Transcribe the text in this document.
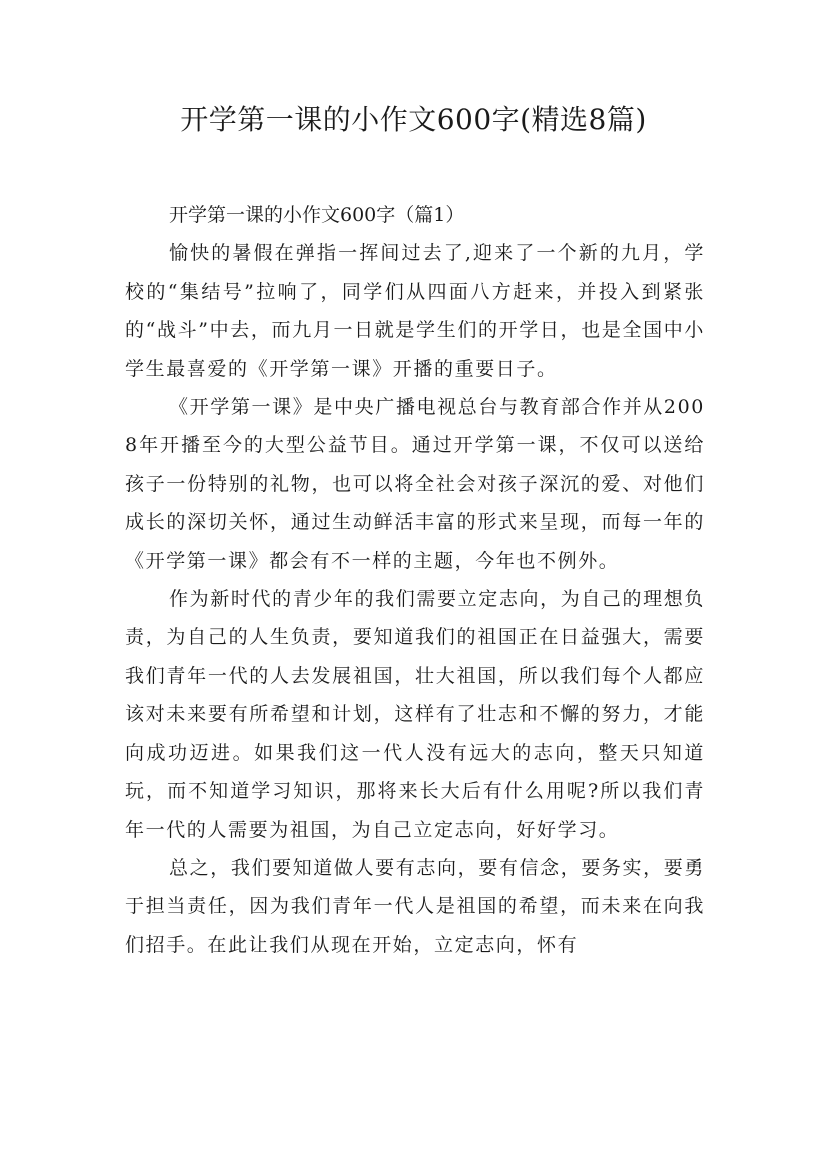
开学第一课的小作文600字(精选8篇)

开学第一课的小作文600字（篇1）

愉快的暑假在弹指一挥间过去了,迎来了一个新的九月，学校的“集结号”拉响了，同学们从四面八方赶来，并投入到紧张的“战斗”中去，而九月一日就是学生们的开学日，也是全国中小学生最喜爱的《开学第一课》开播的重要日子。

《开学第一课》是中央广播电视总台与教育部合作并从2008年开播至今的大型公益节目。通过开学第一课，不仅可以送给孩子一份特别的礼物，也可以将全社会对孩子深沉的爱、对他们成长的深切关怀，通过生动鲜活丰富的形式来呈现，而每一年的《开学第一课》都会有不一样的主题，今年也不例外。

作为新时代的青少年的我们需要立定志向，为自己的理想负责，为自己的人生负责，要知道我们的祖国正在日益强大，需要我们青年一代的人去发展祖国，壮大祖国，所以我们每个人都应该对未来要有所希望和计划，这样有了壮志和不懈的努力，才能向成功迈进。如果我们这一代人没有远大的志向，整天只知道玩，而不知道学习知识，那将来长大后有什么用呢?所以我们青年一代的人需要为祖国，为自己立定志向，好好学习。

总之，我们要知道做人要有志向，要有信念，要务实，要勇于担当责任，因为我们青年一代人是祖国的希望，而未来在向我们招手。在此让我们从现在开始，立定志向，怀有
